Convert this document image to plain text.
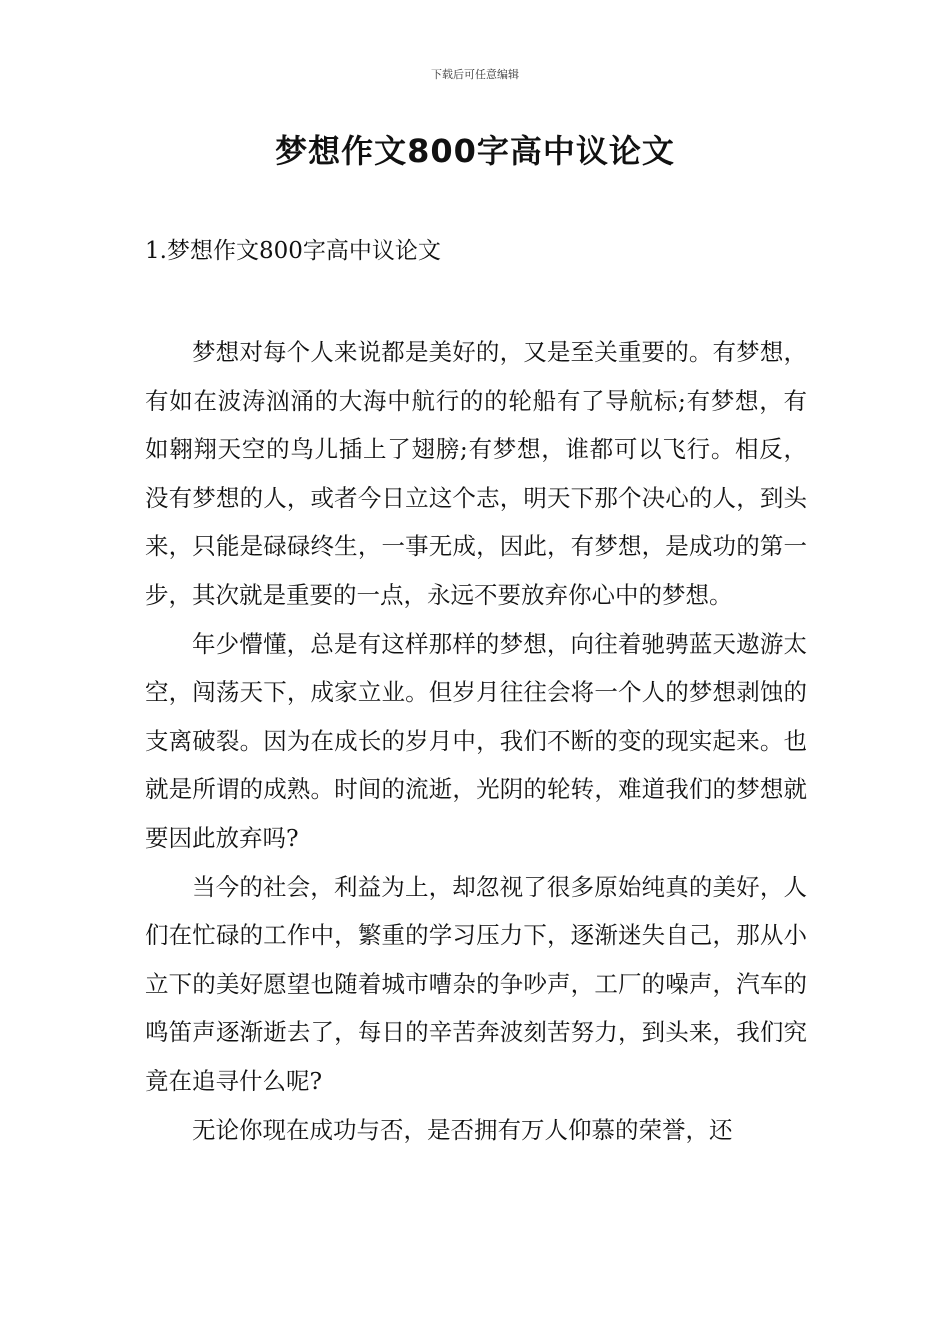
下载后可任意编辑
梦想作文800字高中议论文
1.梦想作文800字高中议论文

梦想对每个人来说都是美好的，又是至关重要的。有梦想，有如在波涛汹涌的大海中航行的的轮船有了导航标;有梦想，有如翱翔天空的鸟儿插上了翅膀;有梦想，谁都可以飞行。相反，没有梦想的人，或者今日立这个志，明天下那个决心的人，到头来，只能是碌碌终生，一事无成，因此，有梦想，是成功的第一步，其次就是重要的一点，永远不要放弃你心中的梦想。

年少懵懂，总是有这样那样的梦想，向往着驰骋蓝天遨游太空，闯荡天下，成家立业。但岁月往往会将一个人的梦想剥蚀的支离破裂。因为在成长的岁月中，我们不断的变的现实起来。也就是所谓的成熟。时间的流逝，光阴的轮转，难道我们的梦想就要因此放弃吗?

当今的社会，利益为上，却忽视了很多原始纯真的美好，人们在忙碌的工作中，繁重的学习压力下，逐渐迷失自己，那从小立下的美好愿望也随着城市嘈杂的争吵声，工厂的噪声，汽车的鸣笛声逐渐逝去了，每日的辛苦奔波刻苦努力，到头来，我们究竟在追寻什么呢?

无论你现在成功与否，是否拥有万人仰慕的荣誉，还
